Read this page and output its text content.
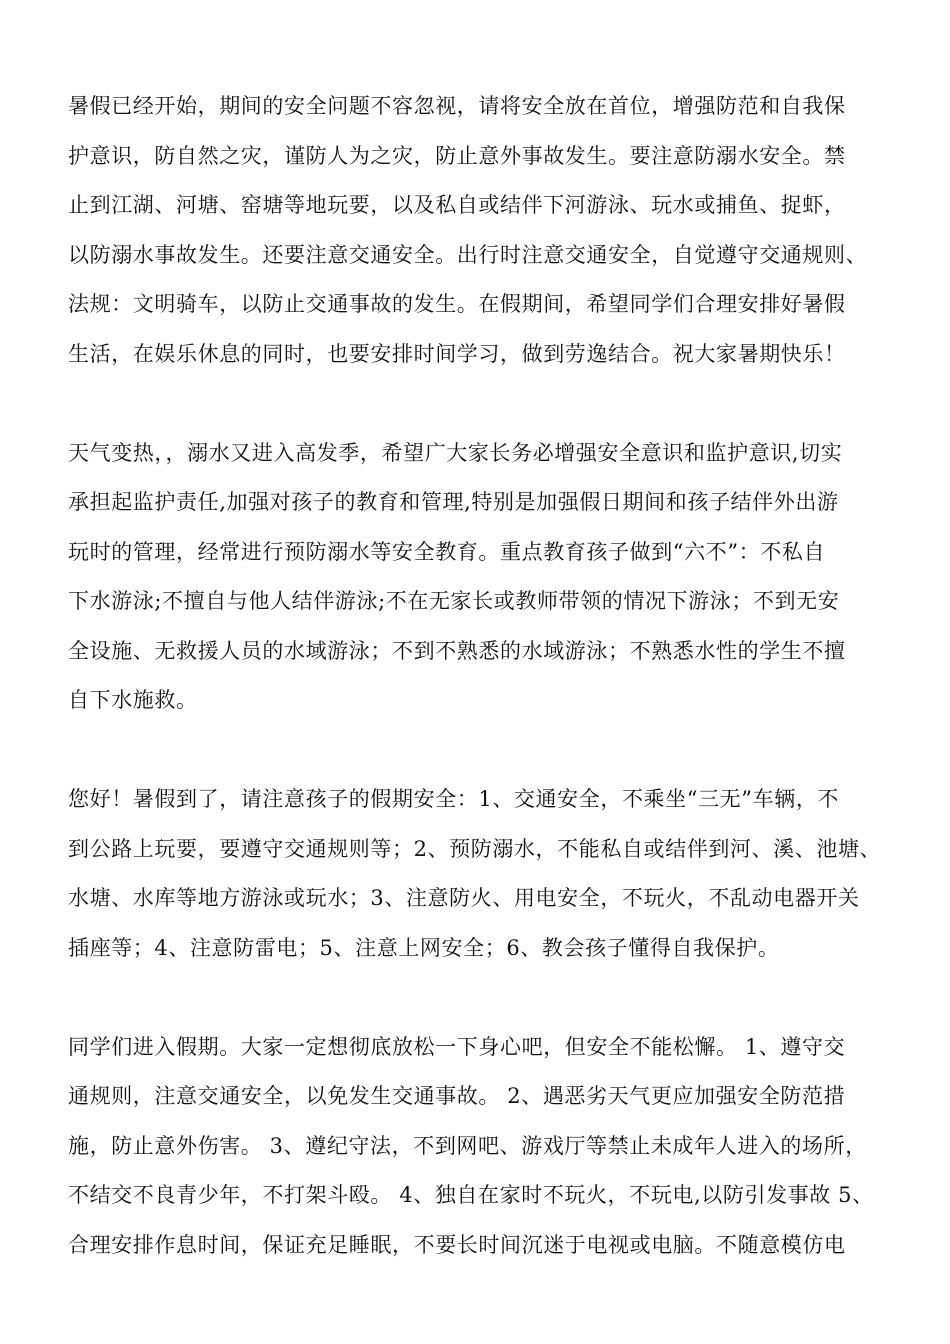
暑假已经开始，期间的安全问题不容忽视，请将安全放在首位，增强防范和自我保
护意识，防自然之灾，谨防人为之灾，防止意外事故发生。要注意防溺水安全。禁
止到江湖、河塘、窑塘等地玩要，以及私自或结伴下河游泳、玩水或捕鱼、捉虾，
以防溺水事故发生。还要注意交通安全。出行时注意交通安全，自觉遵守交通规则、
法规：文明骑车，以防止交通事故的发生。在假期间，希望同学们合理安排好暑假
生活，在娱乐休息的同时，也要安排时间学习，做到劳逸结合。祝大家暑期快乐！

天气变热，，溺水又进入高发季，希望广大家长务必增强安全意识和监护意识,切实
承担起监护责任,加强对孩子的教育和管理,特别是加强假日期间和孩子结伴外出游
玩时的管理，经常进行预防溺水等安全教育。重点教育孩子做到“六不”：不私自
下水游泳;不擅自与他人结伴游泳;不在无家长或教师带领的情况下游泳；不到无安
全设施、无救援人员的水域游泳；不到不熟悉的水域游泳；不熟悉水性的学生不擅
自下水施救。

您好！暑假到了，请注意孩子的假期安全：1、交通安全，不乘坐“三无”车辆，不
到公路上玩要，要遵守交通规则等；2、预防溺水，不能私自或结伴到河、溪、池塘、
水塘、水库等地方游泳或玩水；3、注意防火、用电安全，不玩火，不乱动电器开关
插座等；4、注意防雷电；5、注意上网安全；6、教会孩子懂得自我保护。

同学们进入假期。大家一定想彻底放松一下身心吧，但安全不能松懈。 1、遵守交
通规则，注意交通安全，以免发生交通事故。 2、遇恶劣天气更应加强安全防范措
施，防止意外伤害。 3、遵纪守法，不到网吧、游戏厅等禁止未成年人进入的场所，
不结交不良青少年，不打架斗殴。 4、独自在家时不玩火，不玩电,以防引发事故 5、
合理安排作息时间，保证充足睡眠，不要长时间沉迷于电视或电脑。不随意模仿电
